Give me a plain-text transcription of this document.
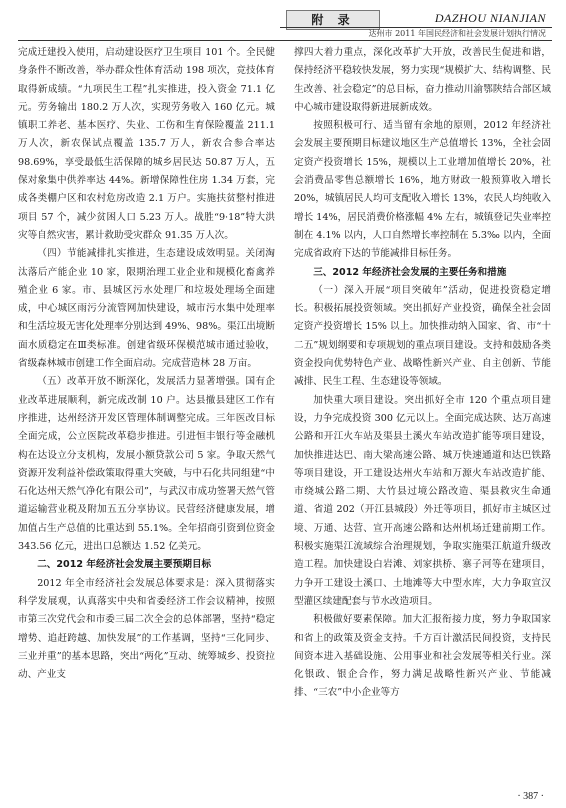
附 录	DAZHOU NIANJIAN
达州市 2011 年国民经济和社会发展计划执行情况

完成迁建投入使用，启动建设医疗卫生项目 101 个。全民健身条件不断改善，举办群众性体育活动 198 项次，竞技体育取得新成绩。“九项民生工程”扎实推进，投入资金 71.1 亿元。劳务输出 180.2 万人次，实现劳务收入 160 亿元。城镇职工养老、基本医疗、失业、工伤和生育保险覆盖 211.1 万人次，新农保试点覆盖 135.7 万人，新农合参合率达 98.69%，享受最低生活保障的城乡居民达 50.87 万人，五保对象集中供养率达 44%。新增保障性住房 1.34 万套，完成各类棚户区和农村危房改造 2.1 万户。实施扶贫整村推进项目 57 个，减少贫困人口 5.23 万人。战胜“9·18”特大洪灾等自然灾害，累计救助受灾群众 91.35 万人次。

（四）节能减排扎实推进，生态建设成效明显。关闭淘汰落后产能企业 10 家，限期治理工业企业和规模化畜禽养殖企业 6 家。市、县城区污水处理厂和垃圾处理场全面建成，中心城区雨污分流管网加快建设，城市污水集中处理率和生活垃圾无害化处理率分别达到 49%、98%。渠江出境断面水质稳定在Ⅲ类标准。创建省级环保模范城市通过验收，省级森林城市创建工作全面启动。完成营造林 28 万亩。

（五）改革开放不断深化，发展活力显著增强。国有企业改革进展顺利，新完成改制 10 户。达县撤县建区工作有序推进，达州经济开发区管理体制调整完成。三年医改目标全面完成，公立医院改革稳步推进。引进恒丰银行等金融机构在达设立分支机构，发展小额贷款公司 5 家。争取天然气资源开发利益补偿政策取得重大突破，与中石化共同组建“中石化达州天然气净化有限公司”，与武汉市成功签署天然气管道运输营业税及附加五五分享协议。民营经济健康发展，增加值占生产总值的比重达到 55.1%。全年招商引资到位资金 343.56 亿元，进出口总额达 1.52 亿美元。

二、2012 年经济社会发展主要预期目标

2012 年全市经济社会发展总体要求是：深入贯彻落实科学发展观，认真落实中央和省委经济工作会议精神，按照市第三次党代会和市委三届二次全会的总体部署，坚持“稳定增势、追赶跨越、加快发展”的工作基调，坚持“三化同步、三业并重”的基本思路，突出“两化”互动、统筹城乡、投资拉动、产业支

撑四大着力重点，深化改革扩大开放，改善民生促进和谐，保持经济平稳较快发展，努力实现“规模扩大、结构调整、民生改善、社会稳定”的总目标，奋力推动川渝鄂陕结合部区域中心城市建设取得新进展新成效。

按照积极可行、适当留有余地的原则，2012 年经济社会发展主要预期目标建议地区生产总值增长 13%，全社会固定资产投资增长 15%，规模以上工业增加值增长 20%，社会消费品零售总额增长 16%，地方财政一般预算收入增长 20%，城镇居民人均可支配收入增长 13%，农民人均纯收入增长 14%，居民消费价格涨幅 4% 左右，城镇登记失业率控制在 4.1% 以内，人口自然增长率控制在 5.3‰ 以内，全面完成省政府下达的节能减排目标任务。

三、2012 年经济社会发展的主要任务和措施

（一）深入开展“项目突破年”活动，促进投资稳定增长。积极拓展投资领域。突出抓好产业投资，确保全社会固定资产投资增长 15% 以上。加快推动纳入国家、省、市“十二五”规划纲要和专项规划的重点项目建设。支持和鼓励各类资金投向优势特色产业、战略性新兴产业、自主创新、节能减排、民生工程、生态建设等领域。

加快重大项目建设。突出抓好全市 120 个重点项目建设，力争完成投资 300 亿元以上。全面完成达陕、达万高速公路和开江火车站及渠县土溪火车站改造扩能等项目建设，加快推进达巴、南大梁高速公路、城万快速通道和达巴铁路等项目建设，开工建设达州火车站和万源火车站改造扩能、市绕城公路二期、大竹县过境公路改造、渠县救灾生命通道、省道 202（开江县城段）外迁等项目，抓好市主城区过境、万通、达营、宣开高速公路和达州机场迁建前期工作。积极实施渠江流域综合治理规划，争取实施渠江航道升级改造工程。加快建设白岩滩、刘家拱桥、寨子河等在建项目，力争开工建设土溪口、土地滩等大中型水库，大力争取宣汉型灌区续建配套与节水改造项目。

积极做好要素保障。加大汇报衔接力度，努力争取国家和省上的政策及资金支持。千方百计激活民间投资，支持民间资本进入基础设施、公用事业和社会发展等相关行业。深化银政、银企合作，努力满足战略性新兴产业、节能减排、“三农”中小企业等方

· 387 ·
